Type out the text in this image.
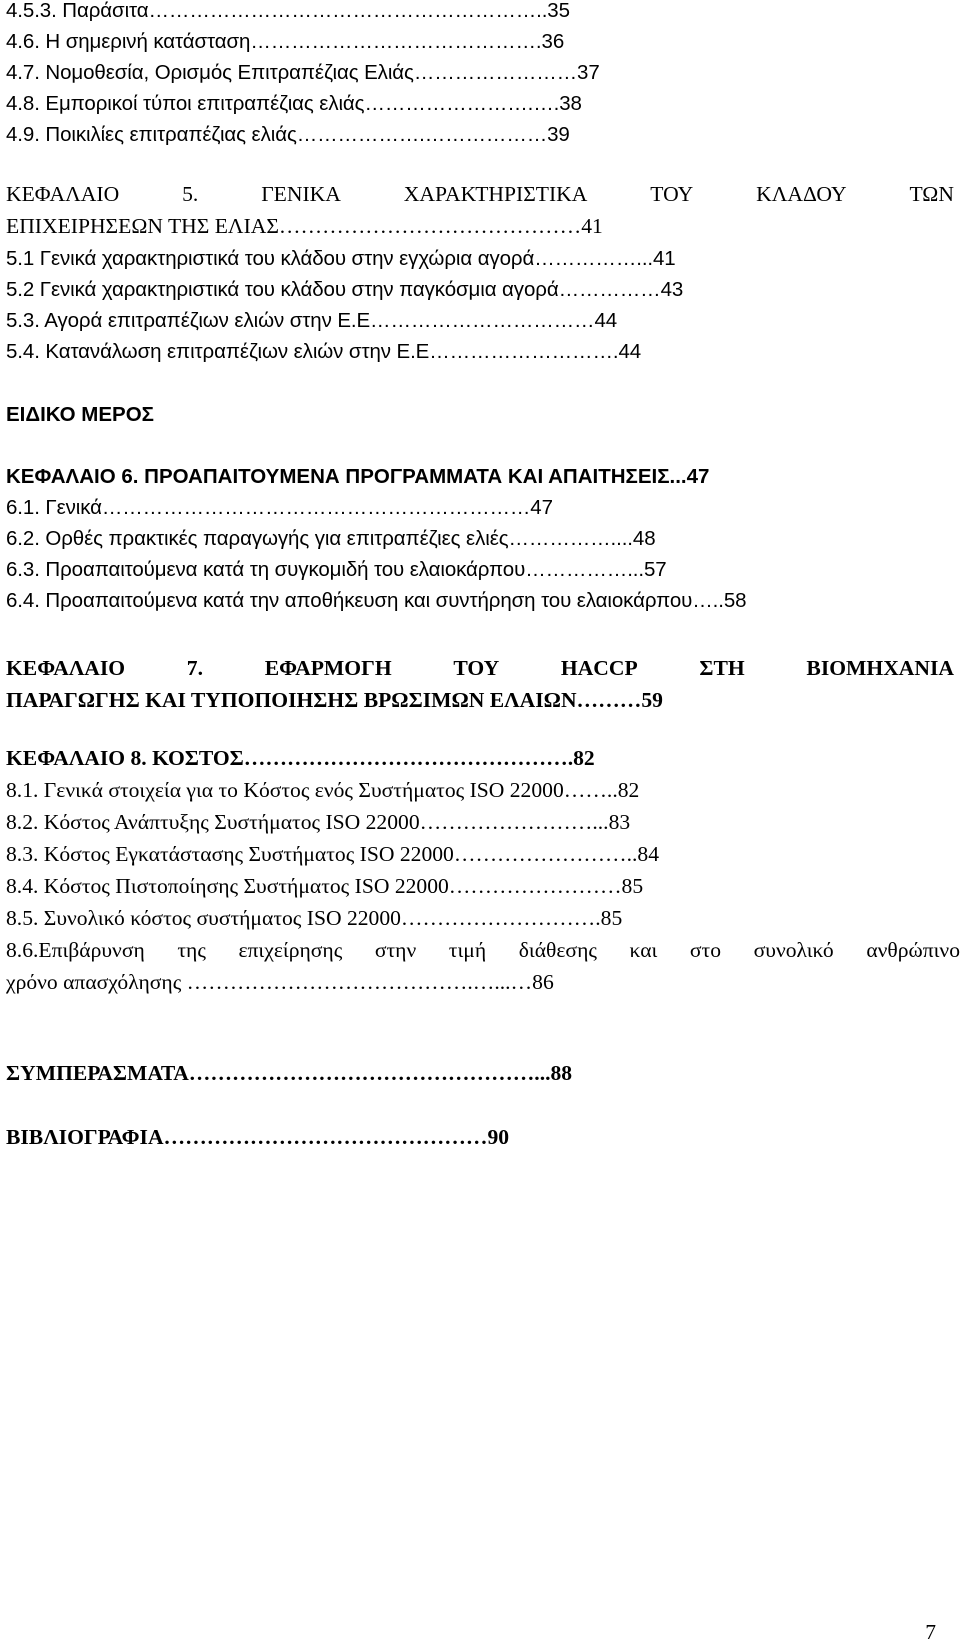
4.5.3. Παράσιτα…………………………………………………..35
4.6. Η σημερινή κατάσταση…………………………………….36
4.7. Νομοθεσία, Ορισμός Επιτραπέζιας Ελιάς……………………37
4.8. Εμπορικοί τύποι επιτραπέζιας ελιάς…………………….….38
4.9. Ποικιλίες επιτραπέζιας ελιάς……………….………………39
ΚΕΦΑΛΑΙΟ	5.	ΓΕΝΙΚΑ	ΧΑΡΑΚΤΗΡΙΣΤΙΚΑ	ΤΟΥ	ΚΛΑΔΟΥ	ΤΩΝ
ΕΠΙΧΕΙΡΗΣΕΩΝ ΤΗΣ ΕΛΙΑΣ……………………………………41
5.1 Γενικά χαρακτηριστικά του κλάδου στην εγχώρια αγορά……………...41
5.2 Γενικά χαρακτηριστικά του κλάδου στην παγκόσμια αγορά……………43
5.3. Αγορά επιτραπέζιων ελιών στην Ε.Ε……………………………44
5.4. Κατανάλωση επιτραπέζιων ελιών στην Ε.Ε……………………….44
ΕΙΔΙΚΟ ΜΕΡΟΣ
ΚΕΦΑΛΑΙΟ 6. ΠΡΟΑΠΑΙΤΟΥΜΕΝΑ ΠΡΟΓΡΑΜΜΑΤΑ ΚΑΙ ΑΠΑΙΤΗΣΕΙΣ...47
6.1. Γενικά………………………………………………………47
6.2. Ορθές πρακτικές παραγωγής για επιτραπέζιες ελιές……………....48
6.3. Προαπαιτούμενα κατά τη συγκομιδή του ελαιοκάρπου……………...57
6.4. Προαπαιτούμενα κατά την αποθήκευση και συντήρηση του ελαιοκάρπου…..58
ΚΕΦΑΛΑΙΟ	7.	ΕΦΑΡΜΟΓΗ	ΤΟΥ	HACCP	ΣΤΗ	ΒΙΟΜΗΧΑΝΙΑ
ΠΑΡΑΓΩΓΗΣ ΚΑΙ ΤΥΠΟΠΟΙΗΣΗΣ ΒΡΩΣΙΜΩΝ ΕΛΑΙΩΝ………59
ΚΕΦΑΛΑΙΟ 8. ΚΟΣΤΟΣ……………………………………….82
8.1. Γενικά στοιχεία για το Κόστος ενός Συστήματος ISO 22000……..82
8.2. Κόστος Ανάπτυξης Συστήματος ISO 22000……………………...83
8.3. Κόστος Εγκατάστασης Συστήματος ISO 22000……………………..84
8.4. Κόστος Πιστοποίησης Συστήματος ISO 22000……………………85
8.5. Συνολικό κόστος συστήματος ISO 22000……………………….85
8.6.Επιβάρυνση της επιχείρησης στην τιμή διάθεσης και στο συνολικό ανθρώπινο
χρόνο απασχόλησης ………………………………….…...…86
ΣΥΜΠΕΡΑΣΜΑΤΑ…………………………………………...88
ΒΙΒΛΙΟΓΡΑΦΙΑ………………………………………90
7
